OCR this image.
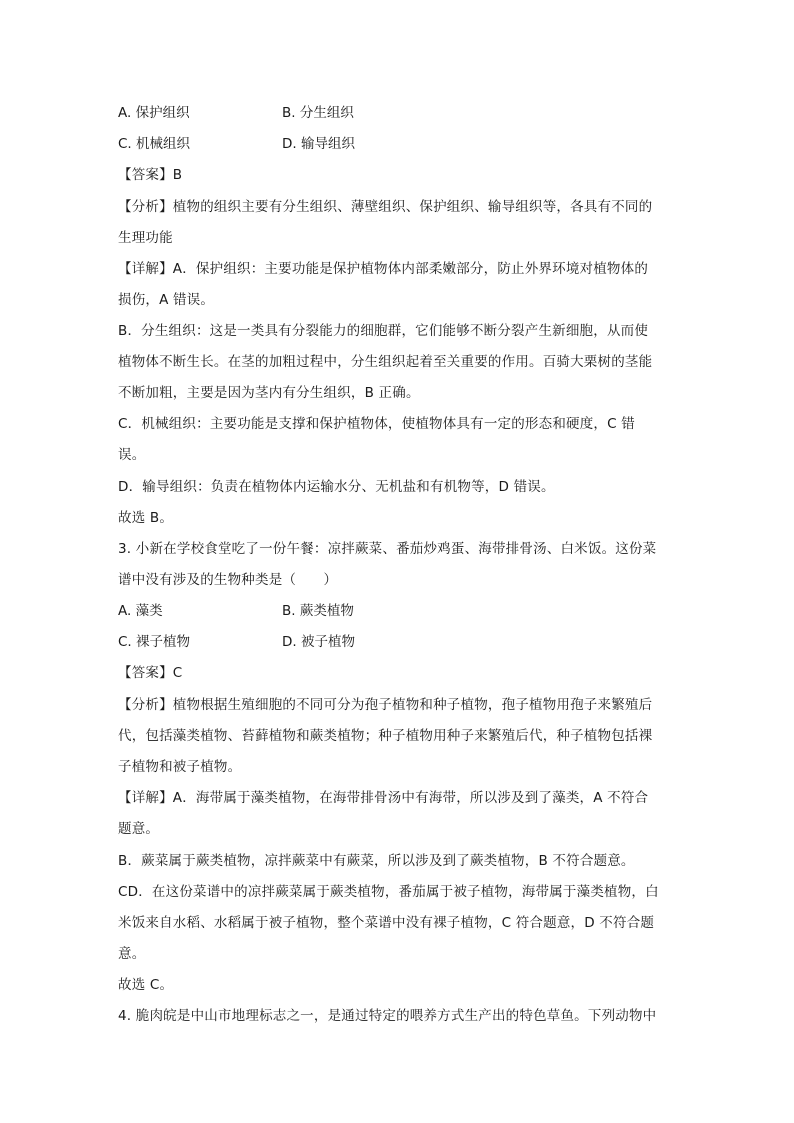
A. 保护组织	B. 分生组织
C. 机械组织	D. 输导组织
【答案】B
【分析】植物的组织主要有分生组织、薄壁组织、保护组织、输导组织等，各具有不同的
生理功能
【详解】A．保护组织：主要功能是保护植物体内部柔嫩部分，防止外界环境对植物体的
损伤，A 错误。
B．分生组织：这是一类具有分裂能力的细胞群，它们能够不断分裂产生新细胞，从而使
植物体不断生长。在茎的加粗过程中，分生组织起着至关重要的作用。百骑大栗树的茎能
不断加粗，主要是因为茎内有分生组织，B 正确。
C．机械组织：主要功能是支撑和保护植物体，使植物体具有一定的形态和硬度，C 错
误。
D．输导组织：负责在植物体内运输水分、无机盐和有机物等，D 错误。
故选 B。
3. 小新在学校食堂吃了一份午餐：凉拌蕨菜、番茄炒鸡蛋、海带排骨汤、白米饭。这份菜
谱中没有涉及的生物种类是（　　）
A. 藻类	B. 蕨类植物
C. 裸子植物	D. 被子植物
【答案】C
【分析】植物根据生殖细胞的不同可分为孢子植物和种子植物，孢子植物用孢子来繁殖后
代，包括藻类植物、苔藓植物和蕨类植物；种子植物用种子来繁殖后代，种子植物包括裸
子植物和被子植物。
【详解】A．海带属于藻类植物，在海带排骨汤中有海带，所以涉及到了藻类，A 不符合
题意。
B．蕨菜属于蕨类植物，凉拌蕨菜中有蕨菜，所以涉及到了蕨类植物，B 不符合题意。
CD．在这份菜谱中的凉拌蕨菜属于蕨类植物，番茄属于被子植物，海带属于藻类植物，白
米饭来自水稻、水稻属于被子植物，整个菜谱中没有裸子植物，C 符合题意，D 不符合题
意。
故选 C。
4. 脆肉皖是中山市地理标志之一，是通过特定的喂养方式生产出的特色草鱼。下列动物中
